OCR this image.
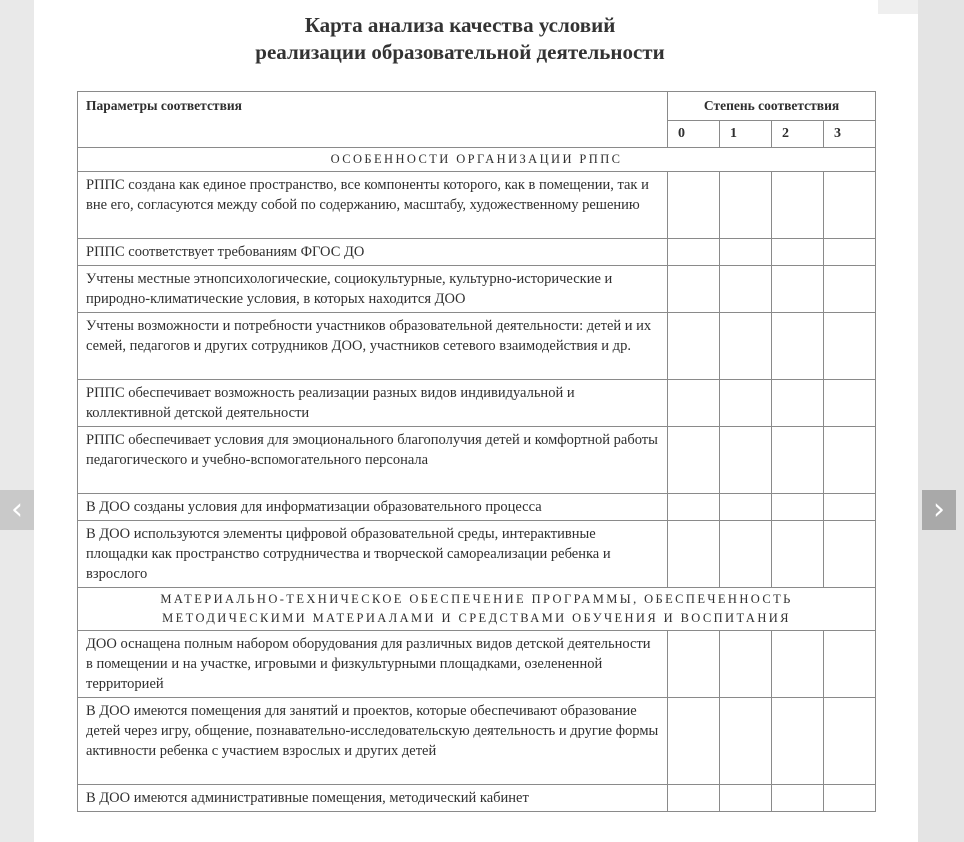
‹	›
Карта анализа качества условий
реализации образовательной деятельности
Параметры соответствия	Степень соответствия			
	0	1	2	3
ОСОБЕННОСТИ ОРГАНИЗАЦИИ РППС				
РППС создана как единое пространство, все компоненты которого, как в помещении, так и вне его, согласуются между собой по содержанию, масштабу, художественному решению				
РППС соответствует требованиям ФГОС ДО				
Учтены местные этнопсихологические, социокультурные, культурно-исторические и природно-климатические условия, в которых находится ДОО				
Учтены возможности и потребности участников образовательной деятельности: детей и их семей, педагогов и других сотрудников ДОО, участников сетевого взаимодействия и др.				
РППС обеспечивает возможность реализации разных видов индивидуальной и коллективной детской деятельности				
РППС обеспечивает условия для эмоционального благополучия детей и комфортной работы педагогического и учебно-вспомогательного персонала				
В ДОО созданы условия для информатизации образовательного процесса				
В ДОО используются элементы цифровой образовательной среды, интерактивные площадки как пространство сотрудничества и творческой самореализации ребенка и взрослого				

МАТЕРИАЛЬНО-ТЕХНИЧЕСКОЕ ОБЕСПЕЧЕНИЕ ПРОГРАММЫ, ОБЕСПЕЧЕННОСТЬ
МЕТОДИЧЕСКИМИ МАТЕРИАЛАМИ И СРЕДСТВАМИ ОБУЧЕНИЯ И ВОСПИТАНИЯ				

ДОО оснащена полным набором оборудования для различных видов детской деятельности в помещении и на участке, игровыми и физкультурными площадками, озелененной территорией				
В ДОО имеются помещения для занятий и проектов, которые обеспечивают образование детей через игру, общение, познавательно-исследовательскую деятельность и другие формы активности ребенка с участием взрослых и других детей				
В ДОО имеются административные помещения, методический кабинет				
